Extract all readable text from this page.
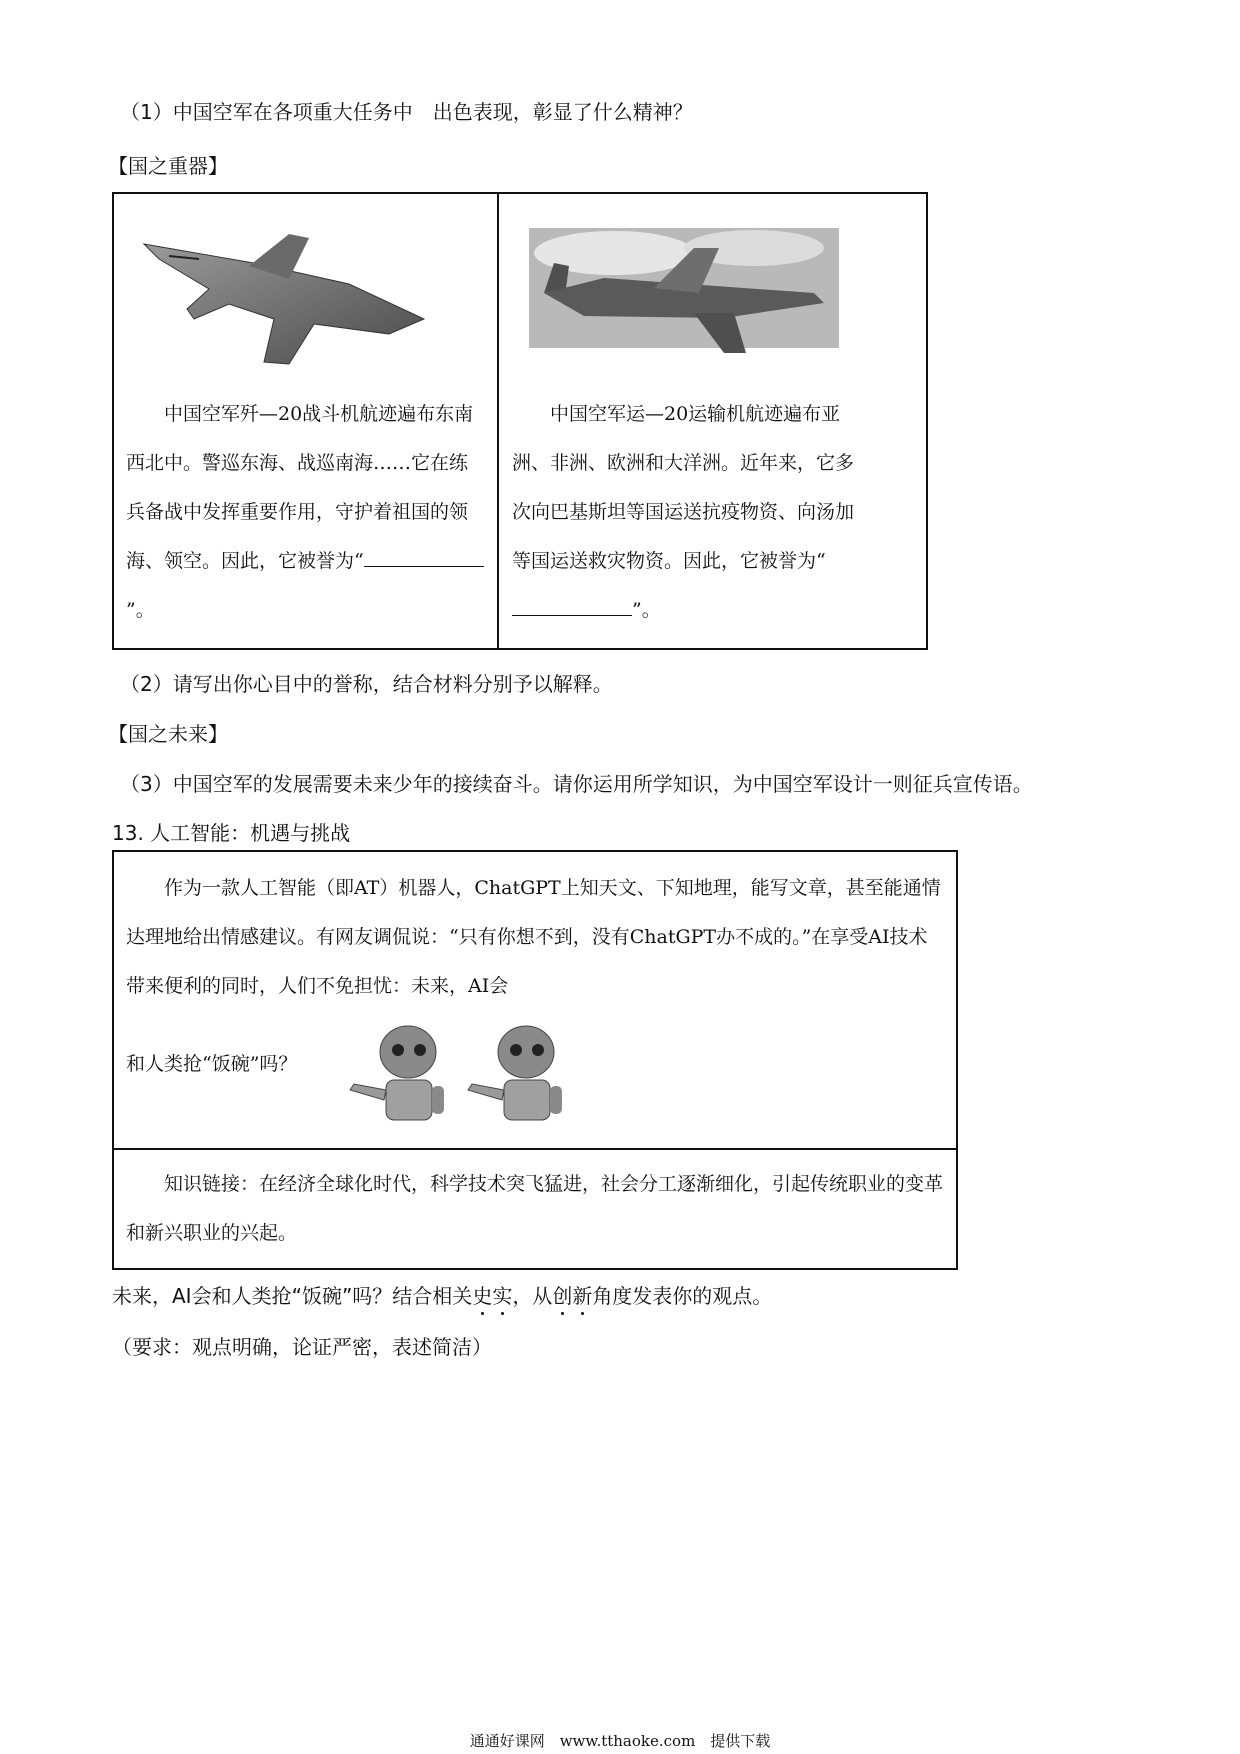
（1）中国空军在各项重大任务中　出色表现，彰显了什么精神？
【国之重器】
中国空军歼—20战斗机航迹遍布东南西北中。警巡东海、战巡南海……它在练兵备战中发挥重要作用，守护着祖国的领海、领空。因此，它被誉为“”。
中国空军运—20运输机航迹遍布亚洲、非洲、欧洲和大洋洲。近年来，它多次向巴基斯坦等国运送抗疫物资、向汤加等国运送救灾物资。因此，它被誉为“”。
（2）请写出你心目中的誉称，结合材料分别予以解释。
【国之未来】
（3）中国空军的发展需要未来少年的接续奋斗。请你运用所学知识，为中国空军设计一则征兵宣传语。
13. 人工智能：机遇与挑战
作为一款人工智能（即AT）机器人，ChatGPT上知天文、下知地理，能写文章，甚至能通情达理地给出情感建议。有网友调侃说：“只有你想不到，没有ChatGPT办不成的。”在享受AI技术带来便利的同时，人们不免担忧：未来，AI会
和人类抢“饭碗”吗？
知识链接：在经济全球化时代，科学技术突飞猛进，社会分工逐渐细化，引起传统职业的变革和新兴职业的兴起。
未来，AI会和人类抢“饭碗”吗？结合相关史实，从创新角度发表你的观点。
（要求：观点明确，论证严密，表述简洁）
通通好课网　www.tthaoke.com　提供下载
